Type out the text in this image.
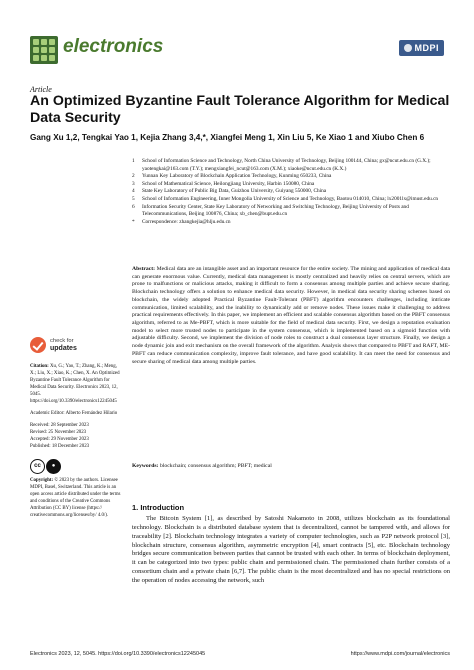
electronics	MDPI
Article
An Optimized Byzantine Fault Tolerance Algorithm for Medical Data Security
Gang Xu 1,2, Tengkai Yao 1, Kejia Zhang 3,4,*, Xiangfei Meng 1, Xin Liu 5, Ke Xiao 1 and Xiubo Chen 6
1	School of Information Science and Technology, North China University of Technology, Beijing 100144, China; gx@ncut.edu.cn (G.X.); yaotengkai@163.com (T.Y.); mengxiangfei_ncut@163.com (X.M.); xiaoke@ncut.edu.cn (K.X.)
2	Yunnan Key Laboratory of Blockchain Application Technology, Kunming 650233, China
3	School of Mathematical Science, Heilongjiang University, Harbin 150080, China
4	State Key Laboratory of Public Big Data, Guizhou University, Guiyang 550000, China
5	School of Information Engineering, Inner Mongolia University of Science and Technology, Baotou 014010, China; lx2001lx@imust.edu.cn
6	Information Security Center, State Key Laboratory of Networking and Switching Technology, Beijing University of Posts and Telecommunications, Beijing 100876, China; xb_chen@bupt.edu.cn
*	Correspondence: zhangkejia@hlju.edu.cn
Abstract: Medical data are an intangible asset and an important resource for the entire society. The mining and application of medical data can generate enormous value. Currently, medical data management is mostly centralized and heavily relies on central servers, which are prone to malfunctions or malicious attacks, making it difficult to form a consensus among multiple parties and achieve secure sharing. Blockchain technology offers a solution to enhance medical data security. However, in medical data security sharing schemes based on blockchain, the widely adopted Practical Byzantine Fault-Tolerant (PBFT) algorithm encounters challenges, including intricate communication, limited scalability, and the inability to dynamically add or remove nodes. These issues make it challenging to address practical requirements effectively. In this paper, we implement an efficient and scalable consensus algorithm based on the PBFT consensus algorithm, referred to as Me-PBFT, which is more suitable for the field of medical data security. First, we design a reputation evaluation model to select more trusted nodes to participate in the system consensus, which is implemented based on a sigmoid function with adjustable difficulty. Second, we implement the division of node roles to construct a dual consensus layer structure. Finally, we design a node dynamic join and exit mechanism on the overall framework of the algorithm. Analysis shows that compared to PBFT and RAFT, ME-PBFT can reduce communication complexity, improve fault tolerance, and have good scalability. It can meet the need for consensus and secure sharing of medical data among multiple parties.
Keywords: blockchain; consensus algorithm; PBFT; medical
check for
updates
Citation: Xu, G.; Yao, T.; Zhang, K.; Meng, X.; Liu, X.; Xiao, K.; Chen, X. An Optimized Byzantine Fault Tolerance Algorithm for Medical Data Security. Electronics 2023, 12, 5045. https://doi.org/10.3390/electronics12245045
Academic Editor: Alberto Fernández Hilario
Received: 28 September 2023
Revised: 25 November 2023
Accepted: 29 November 2023
Published: 18 December 2023
cc	●
Copyright: © 2023 by the authors. Licensee MDPI, Basel, Switzerland. This article is an open access article distributed under the terms and conditions of the Creative Commons Attribution (CC BY) license (https:// creativecommons.org/licenses/by/ 4.0/).
1. Introduction
The Bitcoin System [1], as described by Satoshi Nakamoto in 2008, utilizes blockchain as its foundational technology. Blockchain is a distributed database system that is decentralized, cannot be tampered with, and allows for traceability [2]. Blockchain technology integrates a variety of computer technologies, such as P2P network protocol [3], blockchain structure, consensus algorithm, asymmetric encryption [4], smart contracts [5], etc. Blockchain technology bridges secure communication between parties that cannot be trusted with each other. In terms of blockchain deployment, it can be categorized into two types: public chain and permissioned chain. The permissioned chain further consists of a consortium chain and a private chain [6,7]. The public chain is the most decentralized and has no special restrictions on the operation of nodes accessing the network, such
Electronics 2023, 12, 5045. https://doi.org/10.3390/electronics12245045	https://www.mdpi.com/journal/electronics
